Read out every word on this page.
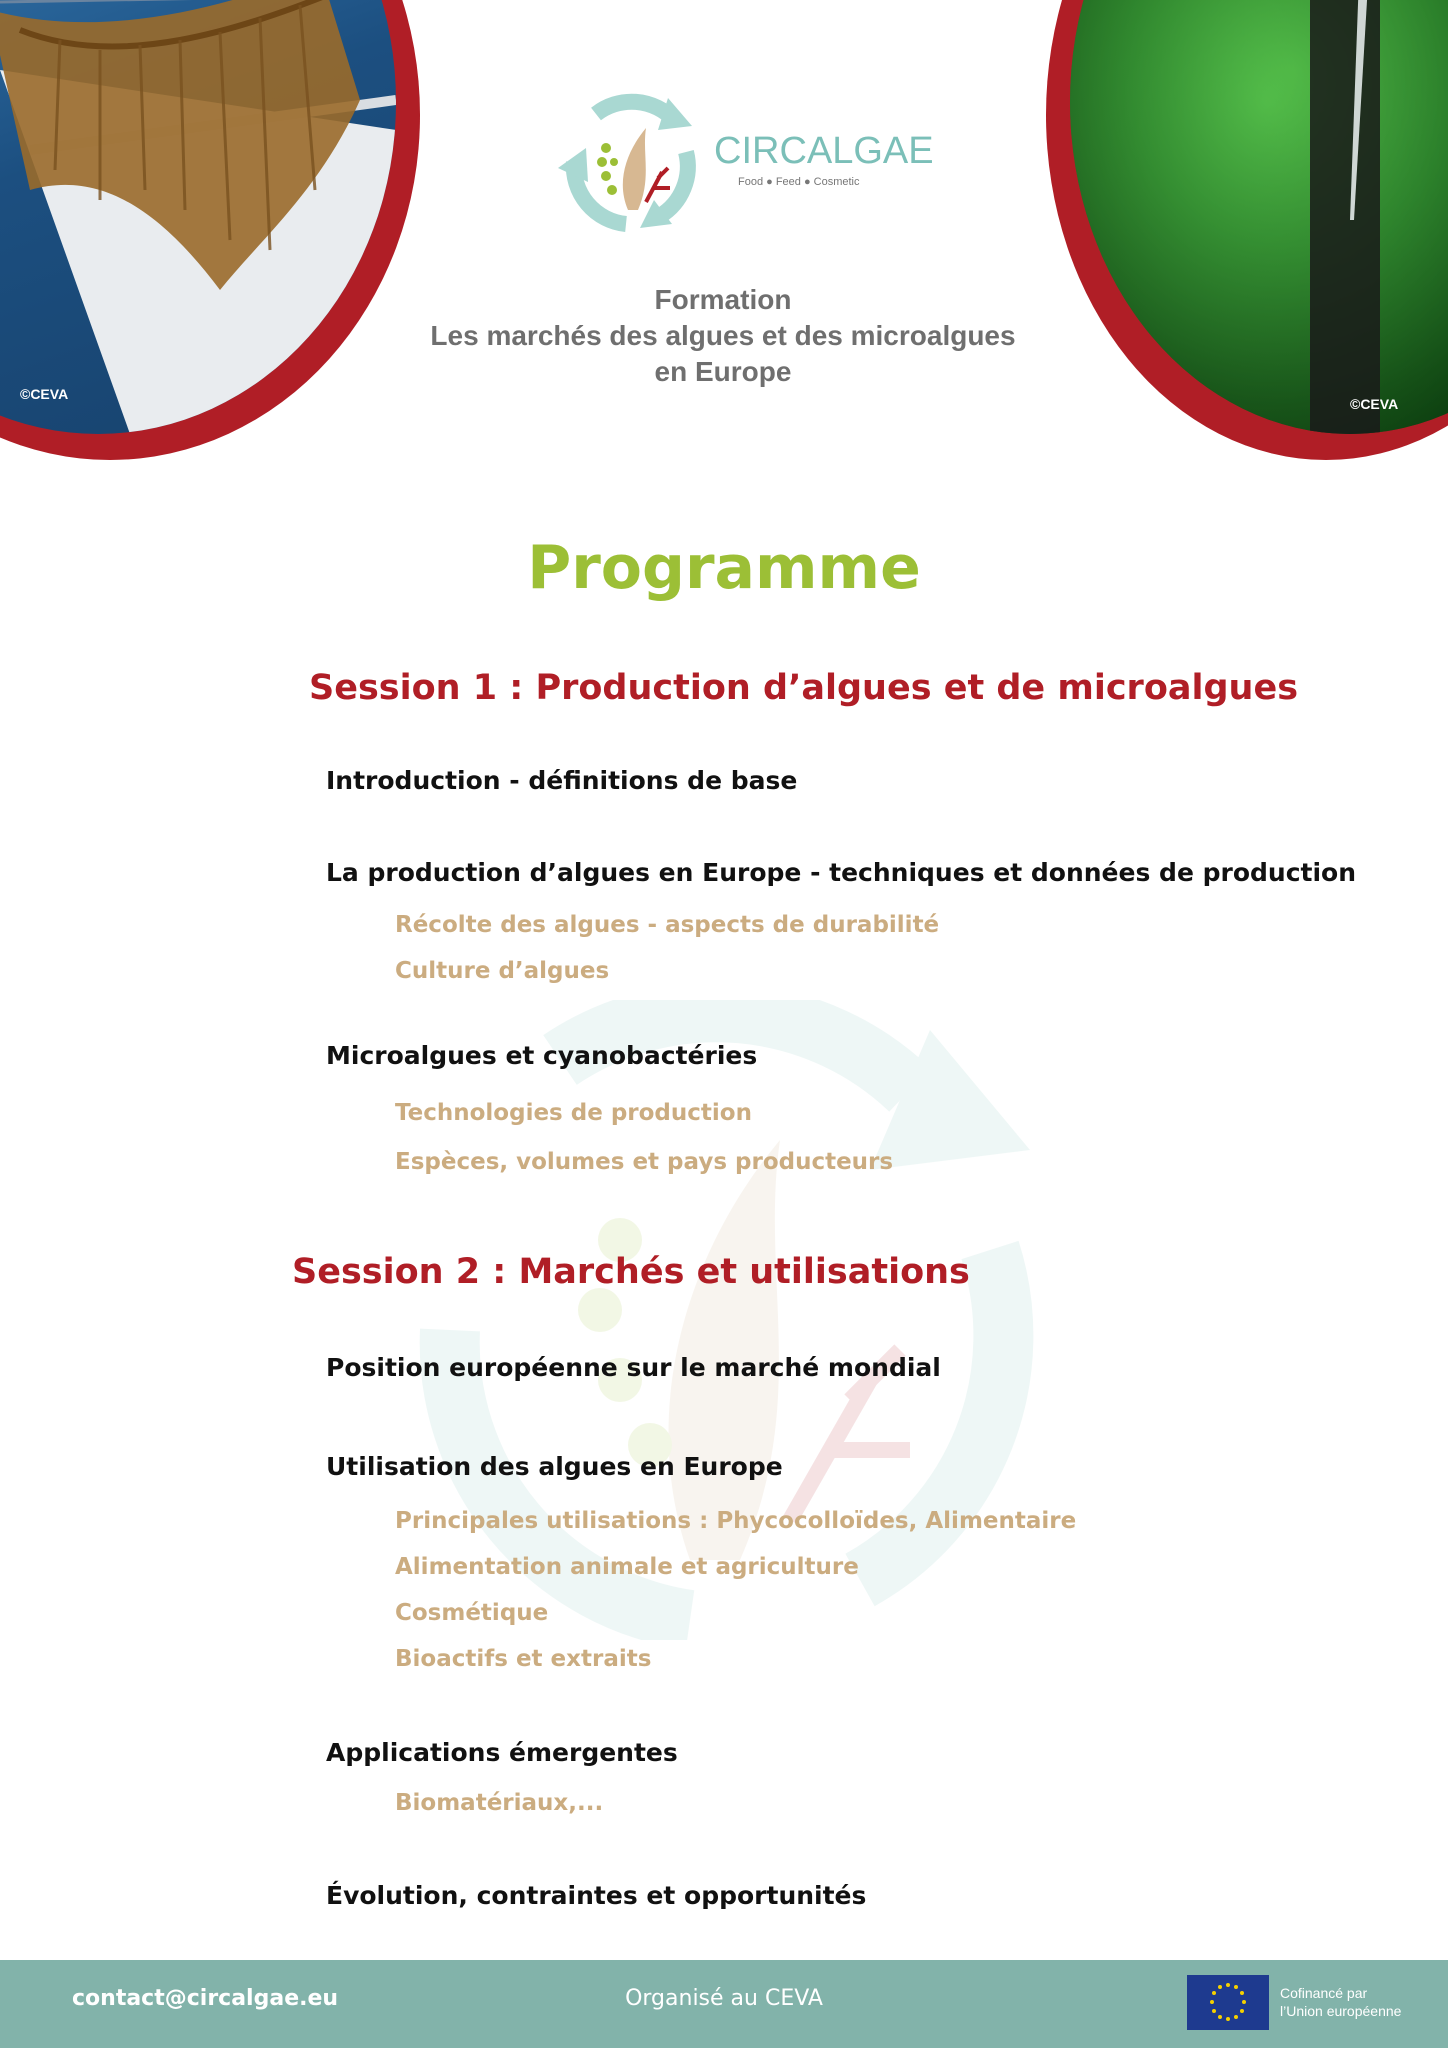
©CEVA
©CEVA
CIRCALGAE
Food ● Feed ● Cosmetic
Formation
Les marchés des algues et des microalgues
en Europe
Programme
Session 1 : Production d’algues et de microalgues
Introduction - définitions de base
La production d’algues en Europe - techniques et données de production
Récolte des algues - aspects de durabilité
Culture d’algues
Microalgues et cyanobactéries
Technologies de production
Espèces, volumes et pays producteurs
Session 2 : Marchés et utilisations
Position européenne sur le marché mondial
Utilisation des algues en Europe
Principales utilisations : Phycocolloïdes, Alimentaire
Alimentation animale et agriculture
Cosmétique
Bioactifs et extraits
Applications émergentes
Biomatériaux,...
Évolution, contraintes et opportunités
contact@circalgae.eu	Organisé au CEVA	Cofinancé par
l’Union européenne
